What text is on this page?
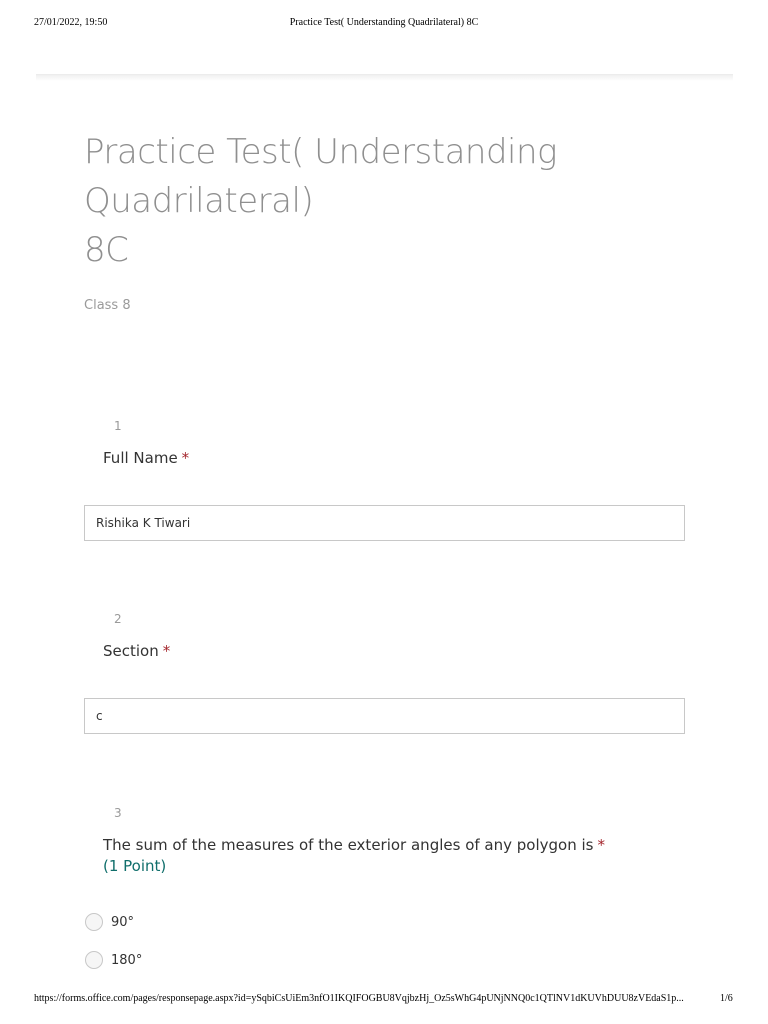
27/01/2022, 19:50	Practice Test( Understanding Quadrilateral) 8C
Practice Test( Understanding
Quadrilateral)
8C
Class 8
1
Full Name *
Rishika K Tiwari
2
Section *
c
3
The sum of the measures of the exterior angles of any polygon is *
(1 Point)
90°
180°
https://forms.office.com/pages/responsepage.aspx?id=ySqbiCsUiEm3nfO1IKQIFOGBU8VqjbzHj_Oz5sWhG4pUNjNNQ0c1QTlNV1dKUVhDUU8zVEdaS1p...	1/6
